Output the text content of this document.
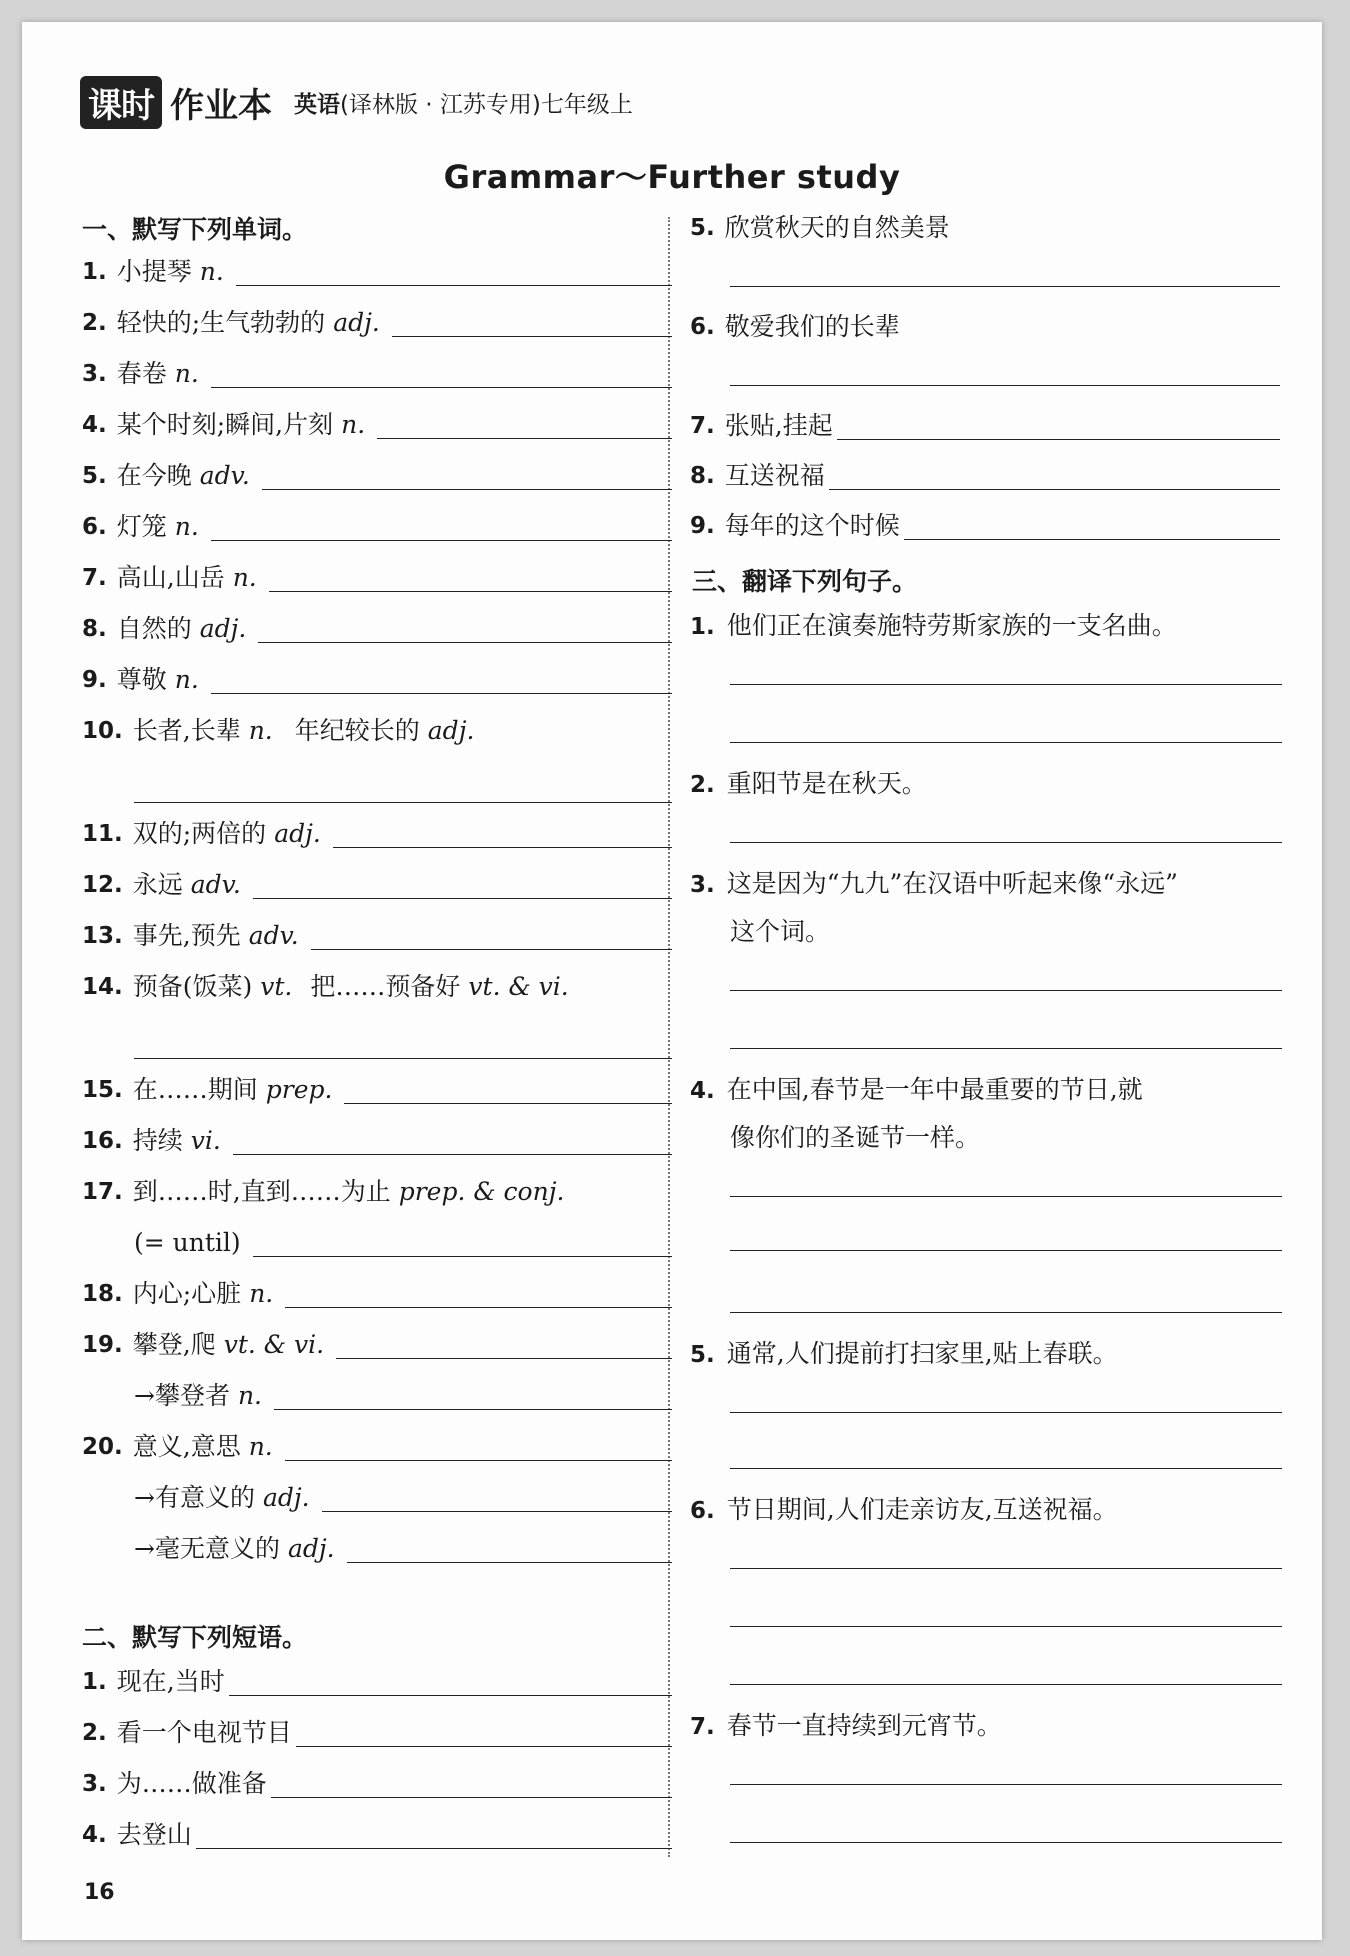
课时 作业本 英语(译林版 · 江苏专用)七年级上
Grammar～Further study
一、默写下列单词。
1. 小提琴 n.
2. 轻快的;生气勃勃的 adj.
3. 春卷 n.
4. 某个时刻;瞬间,片刻 n.
5. 在今晚 adv.
6. 灯笼 n.
7. 高山,山岳 n.
8. 自然的 adj.
9. 尊敬 n.
10. 长者,长辈 n. 年纪较长的 adj.
11. 双的;两倍的 adj.
12. 永远 adv.
13. 事先,预先 adv.
14. 预备(饭菜) vt. 把……预备好 vt. & vi.
15. 在……期间 prep.
16. 持续 vi.
17. 到……时,直到……为止 prep. & conj.
(= until)
18. 内心;心脏 n.
19. 攀登,爬 vt. & vi.
→攀登者 n.
20. 意义,意思 n.
→有意义的 adj.
→毫无意义的 adj.
二、默写下列短语。
1. 现在,当时
2. 看一个电视节目
3. 为……做准备
4. 去登山
5. 欣赏秋天的自然美景
6. 敬爱我们的长辈
7. 张贴,挂起
8. 互送祝福
9. 每年的这个时候
三、翻译下列句子。
1. 他们正在演奏施特劳斯家族的一支名曲。
2. 重阳节是在秋天。
3. 这是因为“九九”在汉语中听起来像“永远”
这个词。
4. 在中国,春节是一年中最重要的节日,就
像你们的圣诞节一样。
5. 通常,人们提前打扫家里,贴上春联。
6. 节日期间,人们走亲访友,互送祝福。
7. 春节一直持续到元宵节。
16
